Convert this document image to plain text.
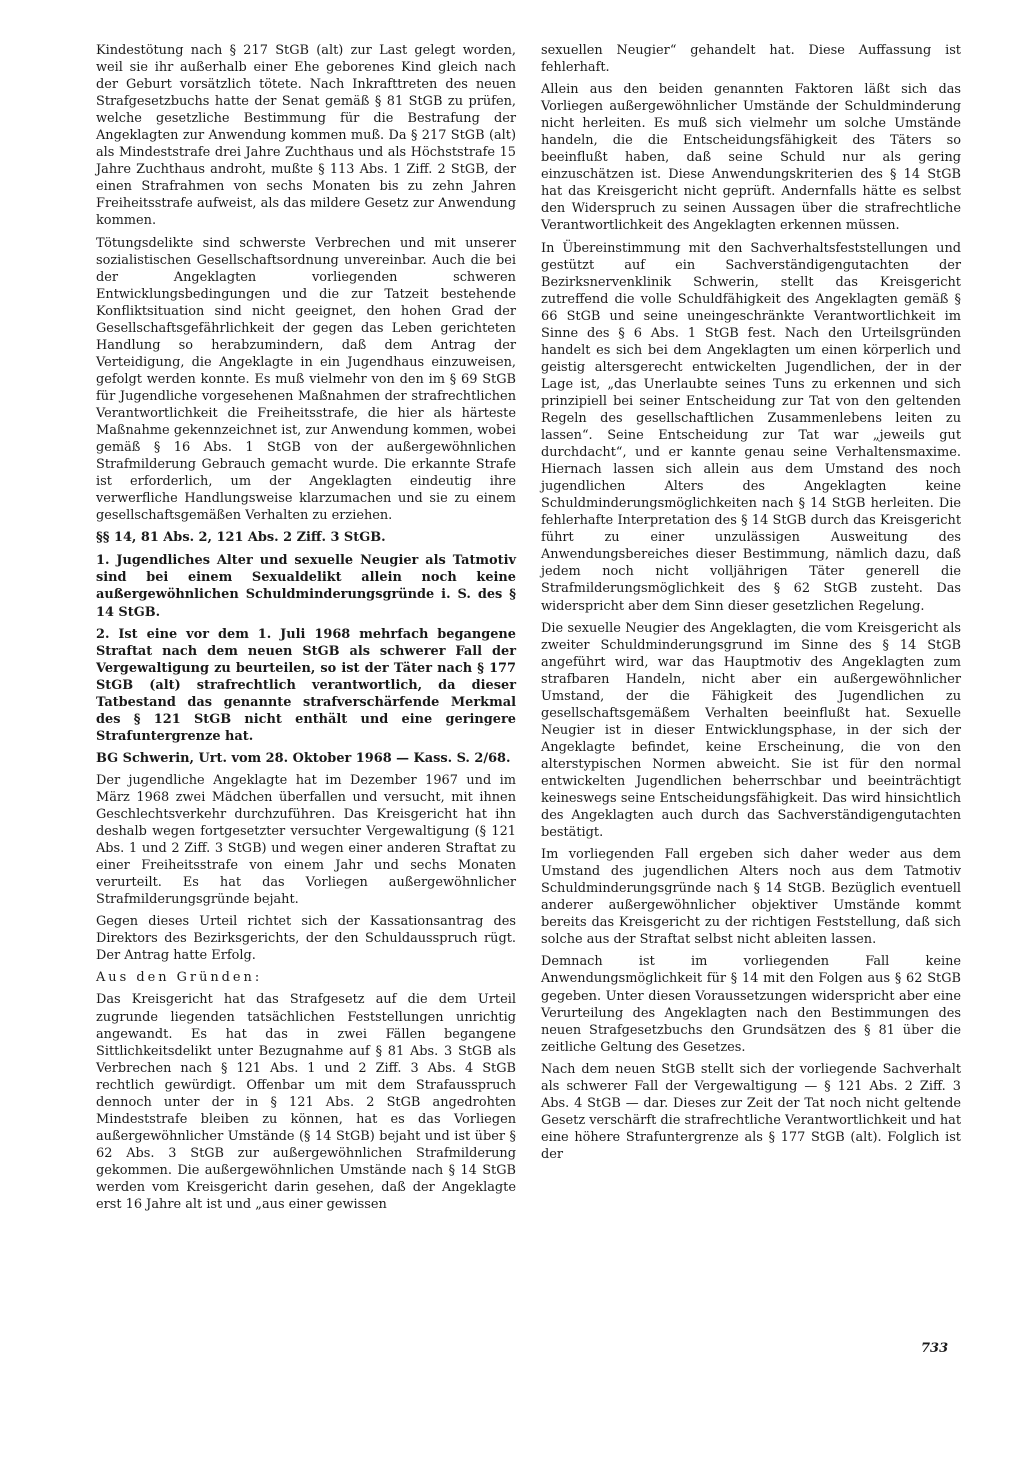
Kindestötung nach § 217 StGB (alt) zur Last gelegt worden, weil sie ihr außerhalb einer Ehe geborenes Kind gleich nach der Geburt vorsätzlich tötete. Nach Inkrafttreten des neuen Strafgesetzbuchs hatte der Senat gemäß § 81 StGB zu prüfen, welche gesetzliche Bestimmung für die Bestrafung der Angeklagten zur Anwendung kommen muß. Da § 217 StGB (alt) als Mindeststrafe drei Jahre Zuchthaus und als Höchststrafe 15 Jahre Zuchthaus androht, mußte § 113 Abs. 1 Ziff. 2 StGB, der einen Strafrahmen von sechs Monaten bis zu zehn Jahren Freiheitsstrafe aufweist, als das mildere Gesetz zur Anwendung kommen.

Tötungsdelikte sind schwerste Verbrechen und mit unserer sozialistischen Gesellschaftsordnung unvereinbar. Auch die bei der Angeklagten vorliegenden schweren Entwicklungsbedingungen und die zur Tatzeit bestehende Konfliktsituation sind nicht geeignet, den hohen Grad der Gesellschaftsgefährlichkeit der gegen das Leben gerichteten Handlung so herabzumindern, daß dem Antrag der Verteidigung, die Angeklagte in ein Jugendhaus einzuweisen, gefolgt werden konnte. Es muß vielmehr von den im § 69 StGB für Jugendliche vorgesehenen Maßnahmen der strafrechtlichen Verantwortlichkeit die Freiheitsstrafe, die hier als härteste Maßnahme gekennzeichnet ist, zur Anwendung kommen, wobei gemäß § 16 Abs. 1 StGB von der außergewöhnlichen Strafmilderung Gebrauch gemacht wurde. Die erkannte Strafe ist erforderlich, um der Angeklagten eindeutig ihre verwerfliche Handlungsweise klarzumachen und sie zu einem gesellschaftsgemäßen Verhalten zu erziehen.

§§ 14, 81 Abs. 2, 121 Abs. 2 Ziff. 3 StGB.

1. Jugendliches Alter und sexuelle Neugier als Tatmotiv sind bei einem Sexualdelikt allein noch keine außergewöhnlichen Schuldminderungsgründe i. S. des § 14 StGB.

2. Ist eine vor dem 1. Juli 1968 mehrfach begangene Straftat nach dem neuen StGB als schwerer Fall der Vergewaltigung zu beurteilen, so ist der Täter nach § 177 StGB (alt) strafrechtlich verantwortlich, da dieser Tatbestand das genannte strafverschärfende Merkmal des § 121 StGB nicht enthält und eine geringere Strafuntergrenze hat.

BG Schwerin, Urt. vom 28. Oktober 1968 — Kass. S. 2/68.

Der jugendliche Angeklagte hat im Dezember 1967 und im März 1968 zwei Mädchen überfallen und versucht, mit ihnen Geschlechtsverkehr durchzuführen. Das Kreisgericht hat ihn deshalb wegen fortgesetzter versuchter Vergewaltigung (§ 121 Abs. 1 und 2 Ziff. 3 StGB) und wegen einer anderen Straftat zu einer Freiheitsstrafe von einem Jahr und sechs Monaten verurteilt. Es hat das Vorliegen außergewöhnlicher Strafmilderungsgründe bejaht.

Gegen dieses Urteil richtet sich der Kassationsantrag des Direktors des Bezirksgerichts, der den Schuldausspruch rügt. Der Antrag hatte Erfolg.

Aus den Gründen:

Das Kreisgericht hat das Strafgesetz auf die dem Urteil zugrunde liegenden tatsächlichen Feststellungen unrichtig angewandt. Es hat das in zwei Fällen begangene Sittlichkeitsdelikt unter Bezugnahme auf § 81 Abs. 3 StGB als Verbrechen nach § 121 Abs. 1 und 2 Ziff. 3 Abs. 4 StGB rechtlich gewürdigt. Offenbar um mit dem Strafausspruch dennoch unter der in § 121 Abs. 2 StGB angedrohten Mindeststrafe bleiben zu können, hat es das Vorliegen außergewöhnlicher Umstände (§ 14 StGB) bejaht und ist über § 62 Abs. 3 StGB zur außergewöhnlichen Strafmilderung gekommen. Die außergewöhnlichen Umstände nach § 14 StGB werden vom Kreisgericht darin gesehen, daß der Angeklagte erst 16 Jahre alt ist und „aus einer gewissen

sexuellen Neugier“ gehandelt hat. Diese Auffassung ist fehlerhaft.

Allein aus den beiden genannten Faktoren läßt sich das Vorliegen außergewöhnlicher Umstände der Schuldminderung nicht herleiten. Es muß sich vielmehr um solche Umstände handeln, die die Entscheidungsfähigkeit des Täters so beeinflußt haben, daß seine Schuld nur als gering einzuschätzen ist. Diese Anwendungskriterien des § 14 StGB hat das Kreisgericht nicht geprüft. Andernfalls hätte es selbst den Widerspruch zu seinen Aussagen über die strafrechtliche Verantwortlichkeit des Angeklagten erkennen müssen.

In Übereinstimmung mit den Sachverhaltsfeststellungen und gestützt auf ein Sachverständigengutachten der Bezirksnervenklinik Schwerin, stellt das Kreisgericht zutreffend die volle Schuldfähigkeit des Angeklagten gemäß § 66 StGB und seine uneingeschränkte Verantwortlichkeit im Sinne des § 6 Abs. 1 StGB fest. Nach den Urteilsgründen handelt es sich bei dem Angeklagten um einen körperlich und geistig altersgerecht entwickelten Jugendlichen, der in der Lage ist, „das Unerlaubte seines Tuns zu erkennen und sich prinzipiell bei seiner Entscheidung zur Tat von den geltenden Regeln des gesellschaftlichen Zusammenlebens leiten zu lassen“. Seine Entscheidung zur Tat war „jeweils gut durchdacht“, und er kannte genau seine Verhaltensmaxime. Hiernach lassen sich allein aus dem Umstand des noch jugendlichen Alters des Angeklagten keine Schuldminderungsmöglichkeiten nach § 14 StGB herleiten. Die fehlerhafte Interpretation des § 14 StGB durch das Kreisgericht führt zu einer unzulässigen Ausweitung des Anwendungsbereiches dieser Bestimmung, nämlich dazu, daß jedem noch nicht volljährigen Täter generell die Strafmilderungsmöglichkeit des § 62 StGB zusteht. Das widerspricht aber dem Sinn dieser gesetzlichen Regelung.

Die sexuelle Neugier des Angeklagten, die vom Kreisgericht als zweiter Schuldminderungsgrund im Sinne des § 14 StGB angeführt wird, war das Hauptmotiv des Angeklagten zum strafbaren Handeln, nicht aber ein außergewöhnlicher Umstand, der die Fähigkeit des Jugendlichen zu gesellschaftsgemäßem Verhalten beeinflußt hat. Sexuelle Neugier ist in dieser Entwicklungsphase, in der sich der Angeklagte befindet, keine Erscheinung, die von den alterstypischen Normen abweicht. Sie ist für den normal entwickelten Jugendlichen beherrschbar und beeinträchtigt keineswegs seine Entscheidungsfähigkeit. Das wird hinsichtlich des Angeklagten auch durch das Sachverständigengutachten bestätigt.

Im vorliegenden Fall ergeben sich daher weder aus dem Umstand des jugendlichen Alters noch aus dem Tatmotiv Schuldminderungsgründe nach § 14 StGB. Bezüglich eventuell anderer außergewöhnlicher objektiver Umstände kommt bereits das Kreisgericht zu der richtigen Feststellung, daß sich solche aus der Straftat selbst nicht ableiten lassen.

Demnach ist im vorliegenden Fall keine Anwendungsmöglichkeit für § 14 mit den Folgen aus § 62 StGB gegeben. Unter diesen Voraussetzungen widerspricht aber eine Verurteilung des Angeklagten nach den Bestimmungen des neuen Strafgesetzbuchs den Grundsätzen des § 81 über die zeitliche Geltung des Gesetzes.

Nach dem neuen StGB stellt sich der vorliegende Sachverhalt als schwerer Fall der Vergewaltigung — § 121 Abs. 2 Ziff. 3 Abs. 4 StGB — dar. Dieses zur Zeit der Tat noch nicht geltende Gesetz verschärft die strafrechtliche Verantwortlichkeit und hat eine höhere Strafuntergrenze als § 177 StGB (alt). Folglich ist der

733
